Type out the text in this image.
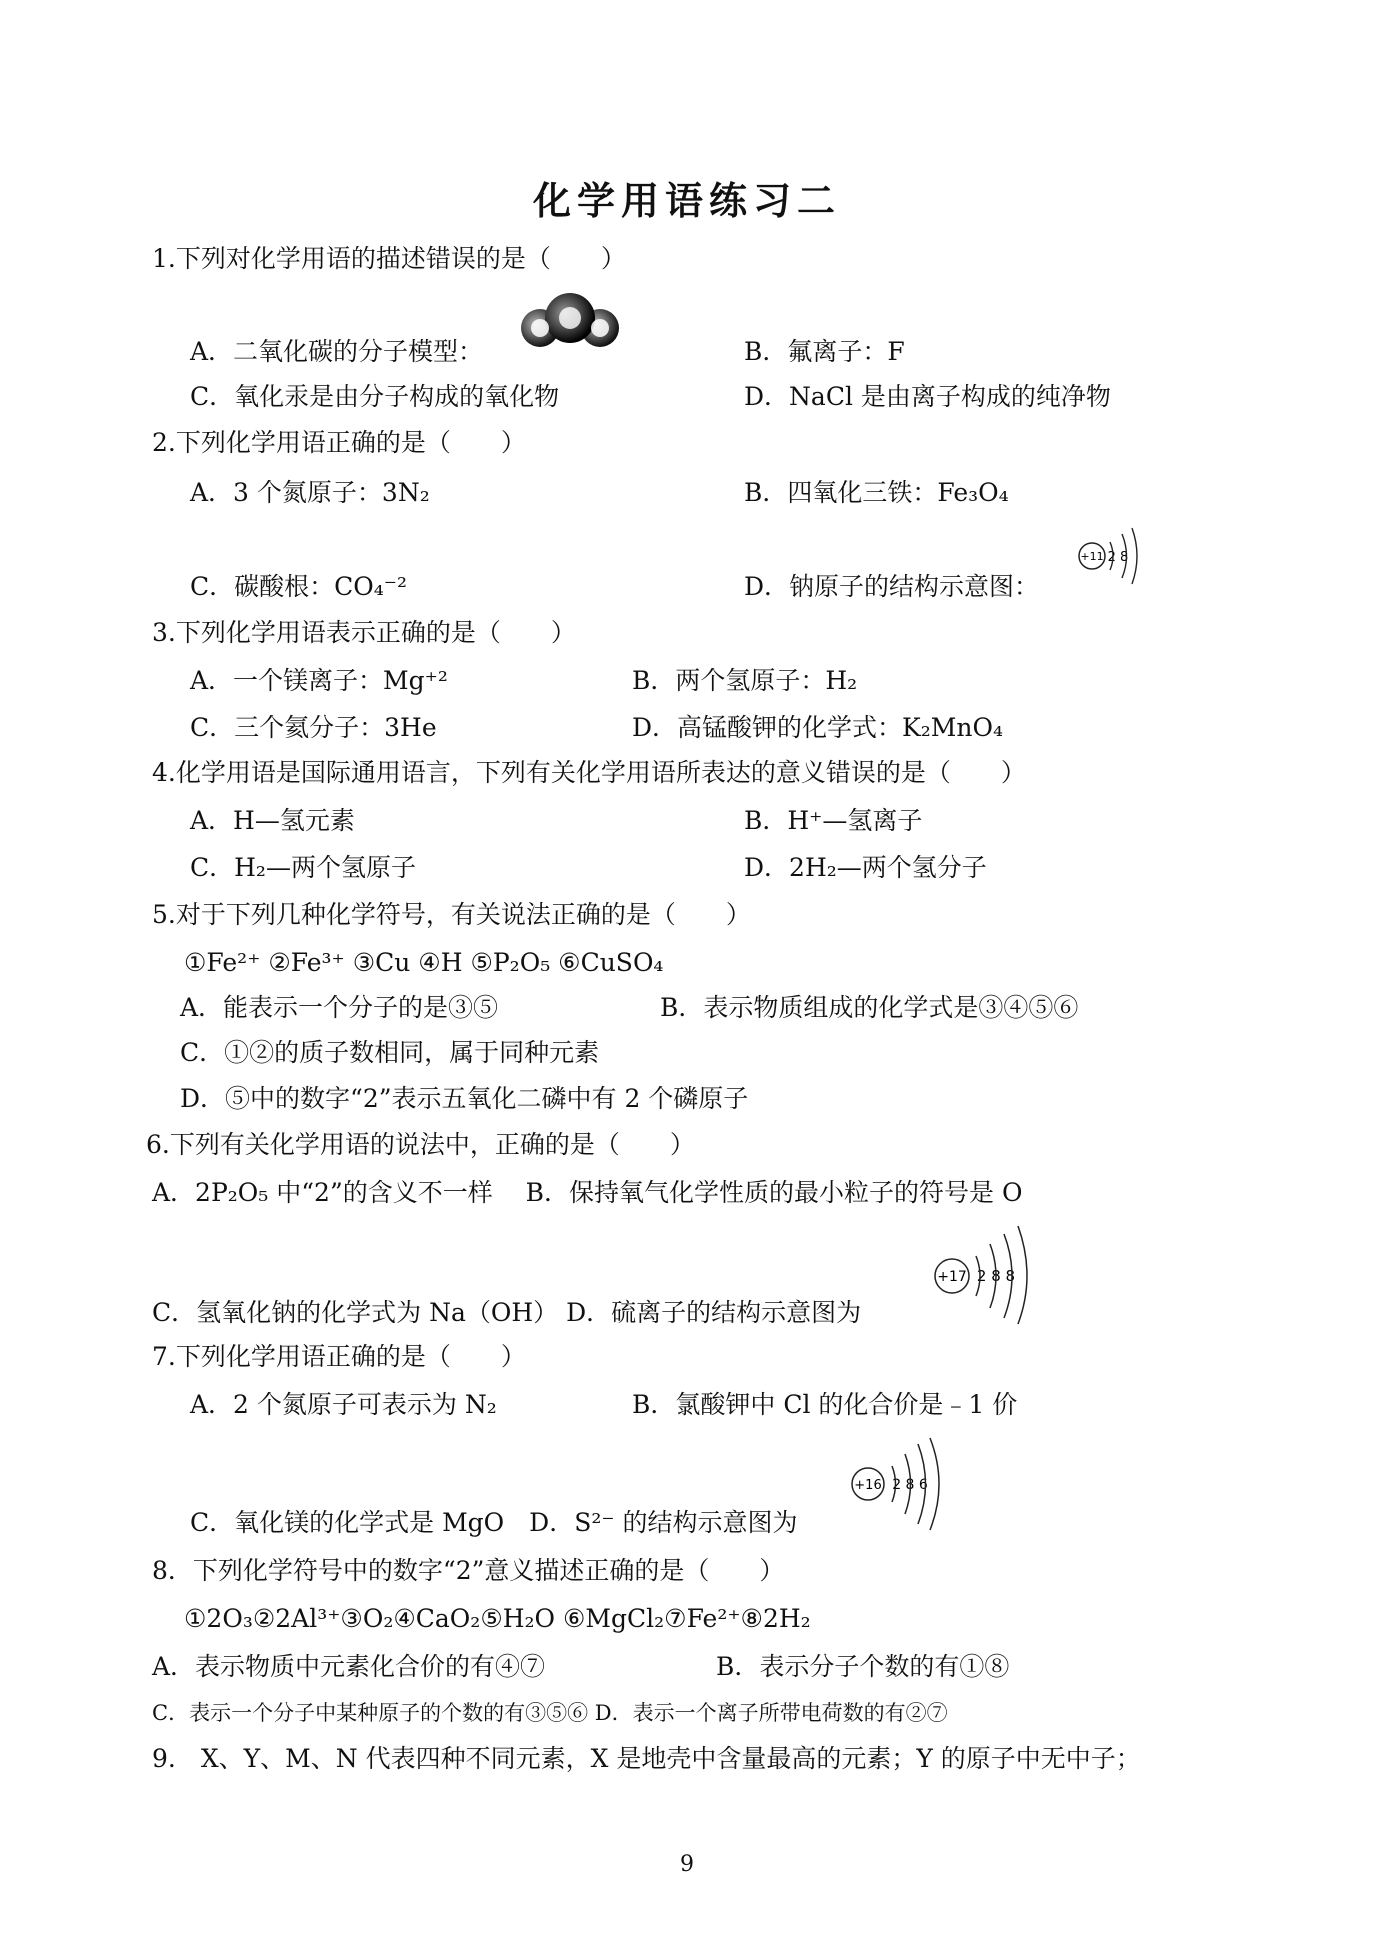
化学用语练习二
1.下列对化学用语的描述错误的是（　　）
A．二氧化碳的分子模型：	B．氟离子：F
C．氧化汞是由分子构成的氧化物	D．NaCl 是由离子构成的纯净物
2.下列化学用语正确的是（　　）
A．3 个氮原子：3N₂	B．四氧化三铁：Fe₃O₄
C．碳酸根：CO₄⁻²	D．钠原子的结构示意图：
+11 2 8
3.下列化学用语表示正确的是（　　）
A．一个镁离子：Mg⁺²	B．两个氢原子：H₂
C．三个氦分子：3He	D．高锰酸钾的化学式：K₂MnO₄
4.化学用语是国际通用语言，下列有关化学用语所表达的意义错误的是（　　）
A．H—氢元素	B．H⁺—氢离子
C．H₂—两个氢原子	D．2H₂—两个氢分子
5.对于下列几种化学符号，有关说法正确的是（　　）
①Fe²⁺ ②Fe³⁺ ③Cu ④H ⑤P₂O₅ ⑥CuSO₄
A．能表示一个分子的是③⑤	B．表示物质组成的化学式是③④⑤⑥
C．①②的质子数相同，属于同种元素
D．⑤中的数字“2”表示五氧化二磷中有 2 个磷原子
6.下列有关化学用语的说法中，正确的是（　　）
A．2P₂O₅ 中“2”的含义不一样　 B．保持氧气化学性质的最小粒子的符号是 O
+17 2 8 8
C．氢氧化钠的化学式为 Na（OH） D．硫离子的结构示意图为
7.下列化学用语正确的是（　　）
A．2 个氮原子可表示为 N₂	B．氯酸钾中 Cl 的化合价是﹣1 价
+16 2 8 6
C．氧化镁的化学式是 MgO　D．S²⁻ 的结构示意图为
8．下列化学符号中的数字“2”意义描述正确的是（　　）
①2O₃②2Al³⁺③O₂④CaO₂⑤H₂O ⑥MgCl₂⑦Fe²⁺⑧2H₂
A．表示物质中元素化合价的有④⑦	B．表示分子个数的有①⑧
C．表示一个分子中某种原子的个数的有③⑤⑥ D．表示一个离子所带电荷数的有②⑦
9.　X、Y、M、N 代表四种不同元素，X 是地壳中含量最高的元素；Y 的原子中无中子；
9
